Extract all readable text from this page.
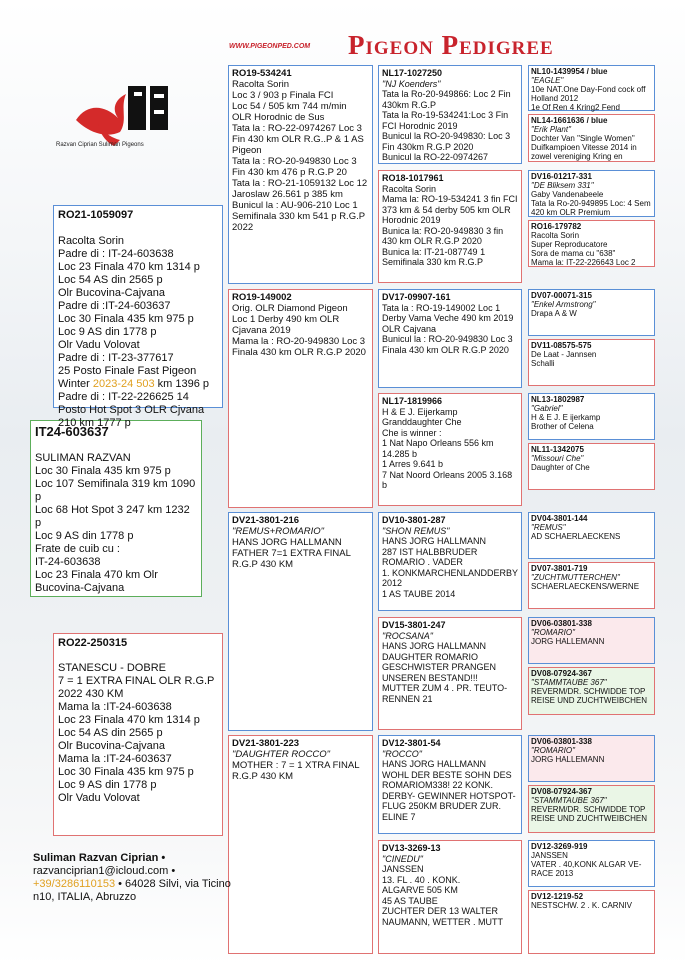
WWW.PIGEONPED.COM Pigeon Pedigree
Razvan Ciprian Suliman Pigeons
IT24-603637
SULIMAN RAZVAN
Loc 30 Finala 435 km 975 p
Loc 107 Semifinala 319 km 1090 p
Loc 68 Hot Spot 3 247 km 1232 p
Loc 9 AS din 1778 p
Frate de cuib cu :
IT-24-603638
Loc 23 Finala 470 km Olr Bucovina-Cajvana
RO21-1059097
Racolta Sorin
Padre di : IT-24-603638
Loc 23 Finala 470 km 1314 p
Loc 54 AS din 2565 p
Olr Bucovina-Cajvana
Padre di :IT-24-603637
Loc 30 Finala 435 km 975 p
Loc 9 AS din 1778 p
Olr Vadu Volovat
Padre di : IT-23-377617
25 Posto Finale Fast Pigeon
Winter 2023-24 503 km 1396 p
Padre di : IT-22-226625 14
Posto Hot Spot 3 OLR Cjvana
210 km 1777 p
RO22-250315
STANESCU - DOBRE
7 = 1 EXTRA FINAL OLR R.G.P 2022 430 KM
Mama la :IT-24-603638
Loc 23 Finala 470 km 1314 p
Loc 54 AS din 2565 p
Olr Bucovina-Cajvana
Mama la :IT-24-603637
Loc 30 Finala 435 km 975 p
Loc 9 AS din 1778 p
Olr Vadu Volovat
RO19-534241
Racolta Sorin
Loc 3 / 903 p Finala FCI
Loc 54 / 505 km 744 m/min
OLR Horodnic de Sus
Tata la : RO-22-0974267 Loc 3 Fin 430 km OLR R.G..P & 1 AS Pigeon
Tata la : RO-20-949830 Loc 3 Fin 430 km 476 p R.G.P 20
Tata la : RO-21-1059132 Loc 12 Jaroslaw 26.561 p 385 km
Bunicul la : AU-906-210 Loc 1 Semifinala 330 km 541 p R.G.P 2022
RO19-149002
Orig. OLR Diamond Pigeon
Loc 1 Derby 490 km OLR Cjavana 2019
Mama la : RO-20-949830 Loc 3 Finala 430 km OLR R.G.P 2020
DV21-3801-216
"REMUS+ROMARIO"
HANS JORG HALLMANN
FATHER 7=1 EXTRA FINAL R.G.P 430 KM
DV21-3801-223
"DAUGHTER ROCCO"
MOTHER : 7 = 1 XTRA FINAL R.G.P 430 KM
NL17-1027250
"NJ Koenders"
Tata la Ro-20-949866: Loc 2 Fin 430km R.G.P
Tata la Ro-19-534241:Loc 3 Fin FCI Horodnic 2019
Bunicul la RO-20-949830: Loc 3 Fin 430km R.G.P 2020
Bunicul la RO-22-0974267
RO18-1017961
Racolta Sorin
Mama la: RO-19-534241 3 fin FCI 373 km & 54 derby 505 km OLR Horodnic 2019
Bunica la: RO-20-949830 3 fin 430 km OLR R.G.P 2020
Bunica la: IT-21-087749 1 Semifinala 330 km R.G.P
DV17-09907-161
Tata la : RO-19-149002 Loc 1 Derby Vama Veche 490 km 2019 OLR Cajvana
Bunicul la : RO-20-949830 Loc 3 Finala 430 km OLR R.G.P 2020
NL17-1819966
H & E J. Eijerkamp
Granddaughter Che
Che is winner :
1 Nat Napo Orleans 556 km 14.285 b
1 Arres 9.641 b
7 Nat Noord Orleans 2005 3.168 b
DV10-3801-287
"SHON REMUS"
HANS JORG HALLMANN
287 IST HALBBRUDER ROMARIO . VADER
1. KONKMARCHENLANDDERBY 2012
1 AS TAUBE 2014
DV15-3801-247
"ROCSANA"
HANS JORG HALLMANN
DAUGHTER ROMARIO
GESCHWISTER PRANGEN UNSEREN BESTAND!!!
MUTTER ZUM 4 . PR. TEUTO-RENNEN 21
DV12-3801-54
"ROCCO"
HANS JORG HALLMANN
WOHL DER BESTE SOHN DES ROMARIOM338! 22 KONK. DERBY- GEWINNER HOTSPOT- FLUG 250KM BRUDER ZUR. ELINE 7
DV13-3269-13
"CINEDU"
JANSSEN
13. FL . 40 . KONK.
ALGARVE 505 KM
45 AS TAUBE
ZUCHTER DER 13 WALTER NAUMANN, WETTER . MUTT
NL10-1439954 / blue
"EAGLE"
10e NAT.One Day-Fond cock off Holland 2012
1e Of Ren 4 Kring2 Fend
NL14-1661636 / blue
"Erik Plant"
Dochter Van "Single Women"
Duifkampioen Vitesse 2014 in zowel vereniging Kring en
DV16-01217-331
"DE Bliksem 331"
Gaby Vandenabeele
Tata la Ro-20-949895 Loc: 4 Sem 420 km OLR Premium
RO16-179782
Racolta Sorin
Super Reproducatore
Sora de mama cu "638"
Mama la: IT-22-226643 Loc 2
DV07-00071-315
"Enkel Armstrong"
Drapa A & W
DV11-08575-575
De Laat - Jannsen
Schalli
NL13-1802987
"Gabriel"
H & E J. E ijerkamp
Brother of Celena
NL11-1342075
"Missouri Che"
Daughter of Che
DV04-3801-144
"REMUS"
AD SCHAERLAECKENS
DV07-3801-719
"ZUCHTMUTTERCHEN"
SCHAERLAECKENS/WERNE
DV06-03801-338
"ROMARIO"
JORG HALLEMANN
DV08-07924-367
"STAMMTAUBE 367"
REVERM/DR. SCHWIDDE TOP REISE UND ZUCHTWEIBCHEN
DV06-03801-338
"ROMARIO"
JORG HALLEMANN
DV08-07924-367
"STAMMTAUBE 367"
REVERM/DR. SCHWIDDE TOP REISE UND ZUCHTWEIBCHEN
DV12-3269-919
JANSSEN
VATER . 40,KONK ALGAR VE-RACE 2013
DV12-1219-52
NESTSCHW. 2 . K. CARNIV
Suliman Razvan Ciprian •
razvanciprian1@icloud.com •
+39/3286110153 • 64028 Silvi, via Ticino n10, ITALIA, Abruzzo
